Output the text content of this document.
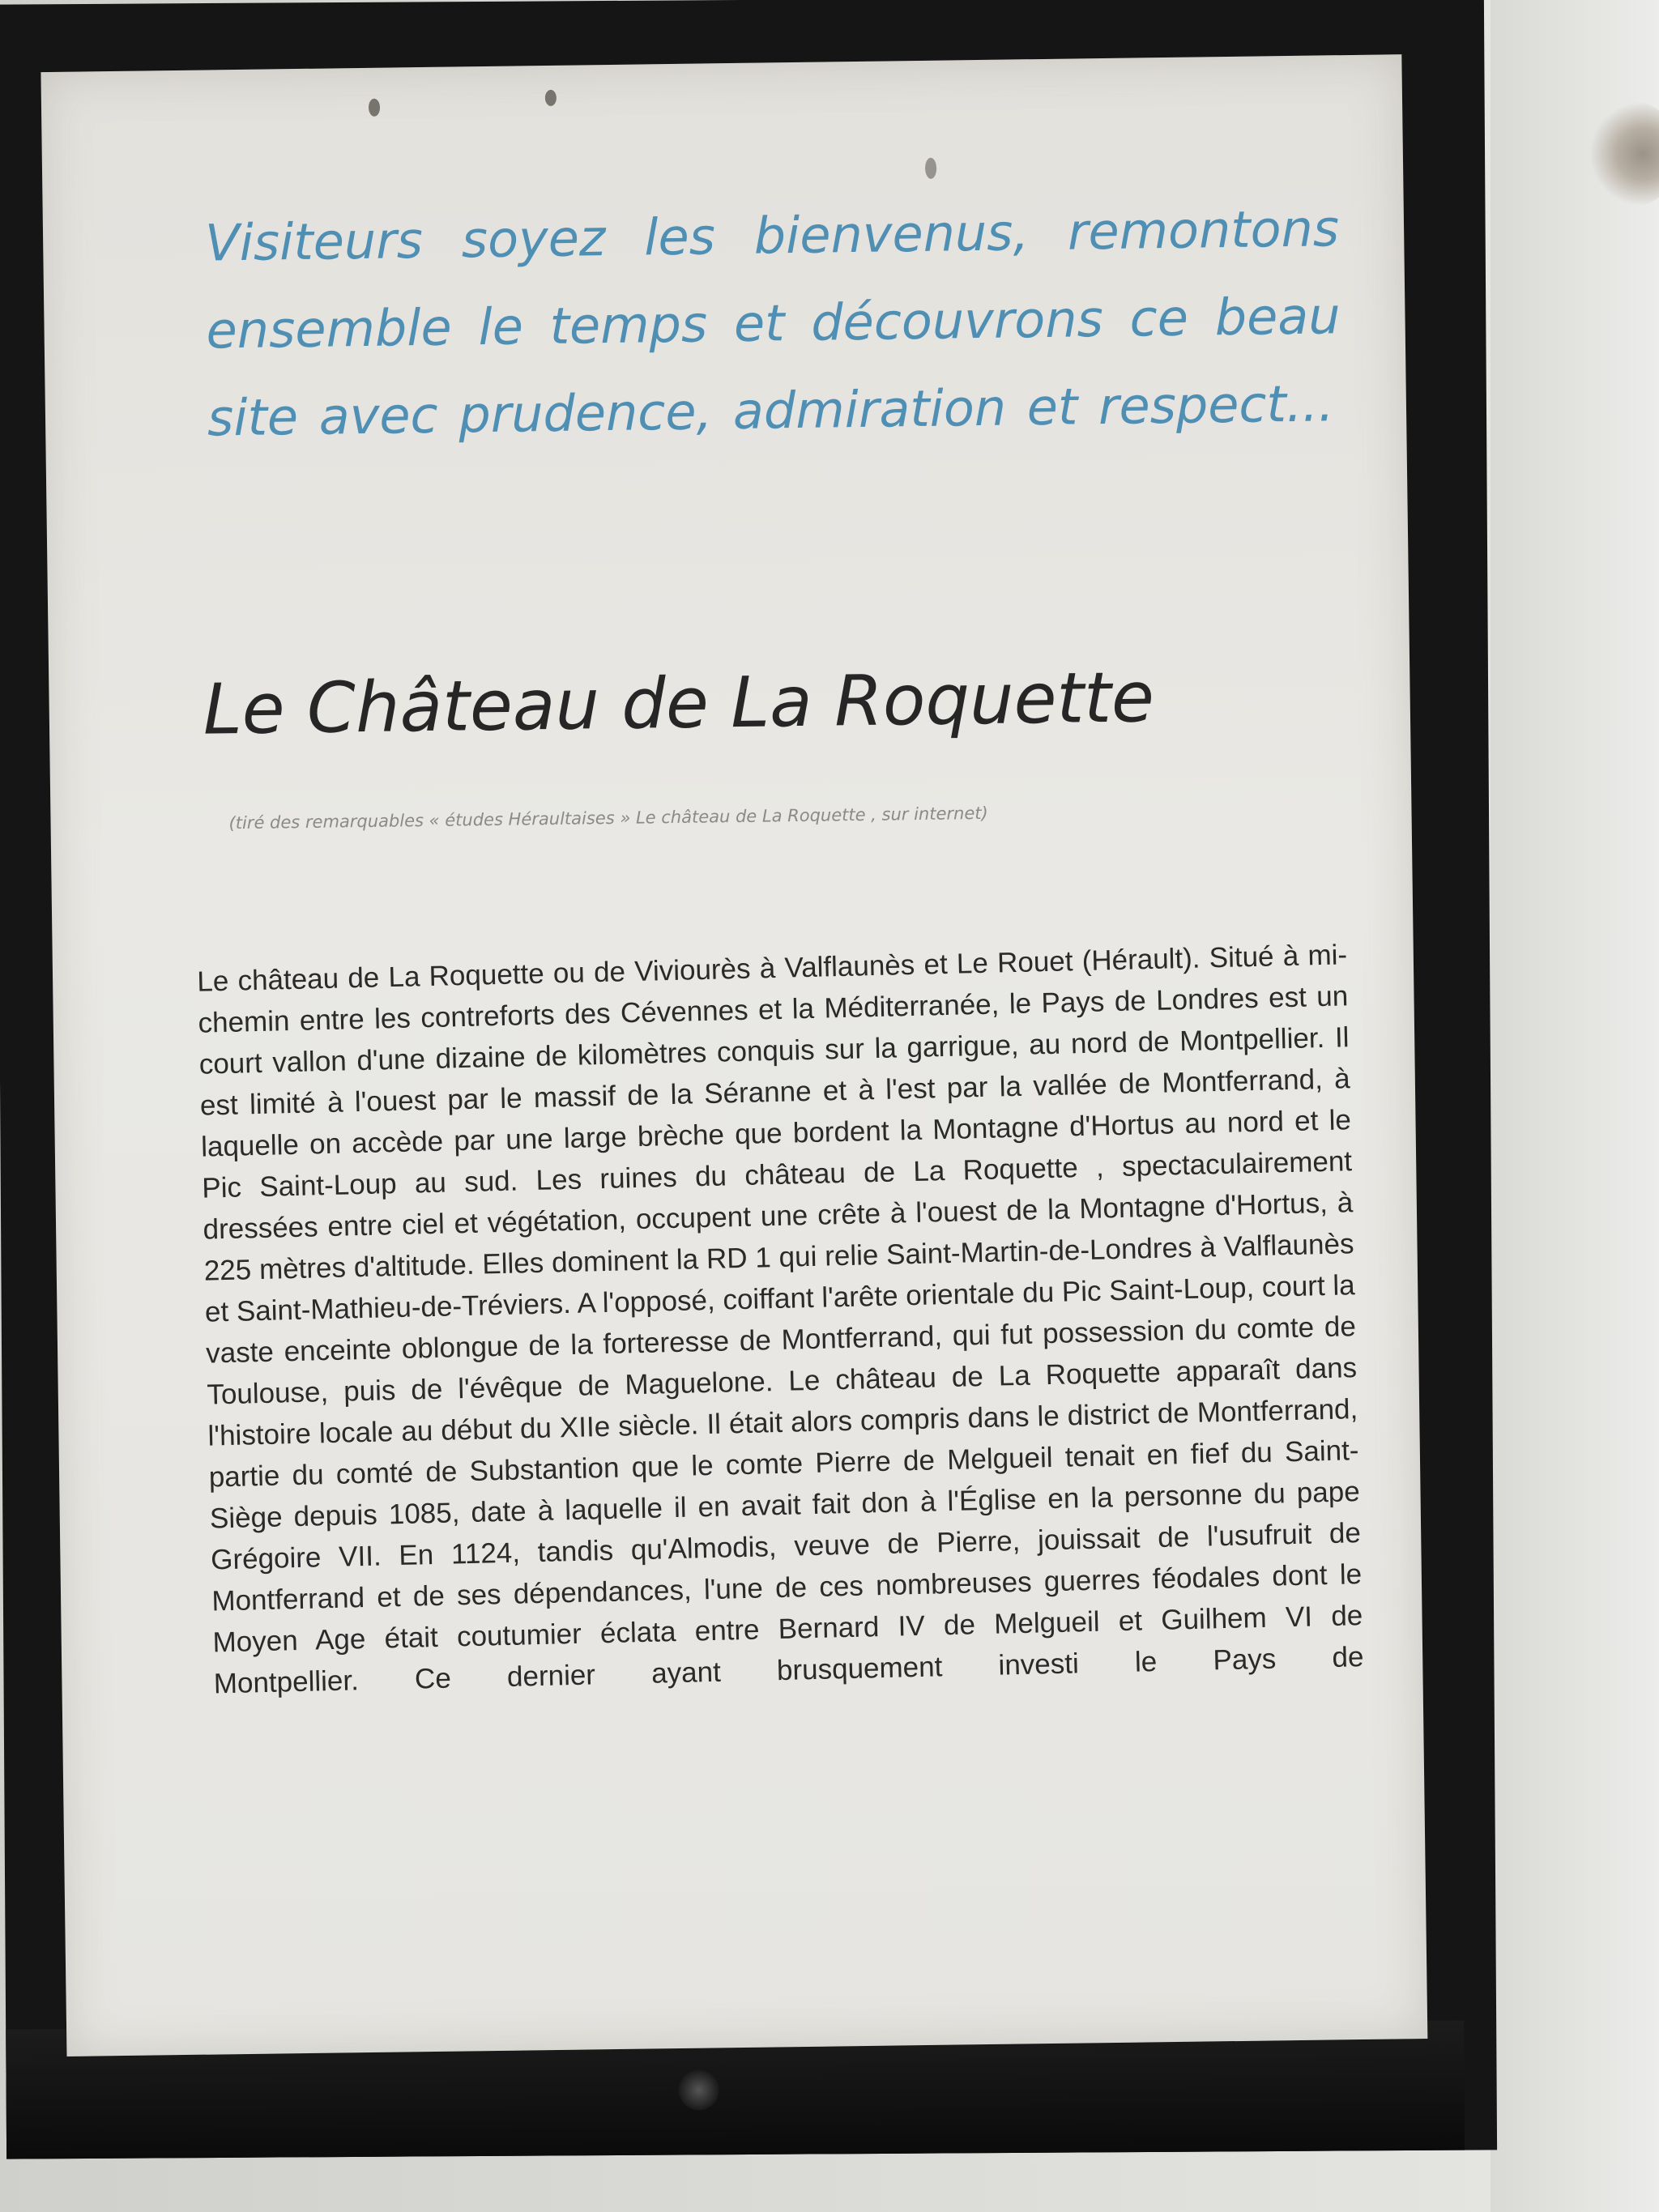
Visiteurs soyez les bienvenus, remontons ensemble le temps et découvrons ce beau site avec prudence, admiration et respect...

Le Château de La Roquette

(tiré des remarquables « études Héraultaises » Le château de La Roquette , sur internet)

Le château de La Roquette ou de Viviourès à Valflaunès et Le Rouet (Hérault). Situé à mi-chemin entre les contreforts des Cévennes et la Méditerranée, le Pays de Londres est un court vallon d'une dizaine de kilomètres conquis sur la garrigue, au nord de Montpellier. Il est limité à l'ouest par le massif de la Séranne et à l'est par la vallée de Montferrand, à laquelle on accède par une large brèche que bordent la Montagne d'Hortus au nord et le Pic Saint-Loup au sud. Les ruines du château de La Roquette , spectaculairement dressées entre ciel et végétation, occupent une crête à l'ouest de la Montagne d'Hortus, à 225 mètres d'altitude. Elles dominent la RD 1 qui relie Saint-Martin-de-Londres à Valflaunès et Saint-Mathieu-de-Tréviers. A l'opposé, coiffant l'arête orientale du Pic Saint-Loup, court la vaste enceinte oblongue de la forteresse de Montferrand, qui fut possession du comte de Toulouse, puis de l'évêque de Maguelone. Le château de La Roquette apparaît dans l'histoire locale au début du XIIe siècle. Il était alors compris dans le district de Montferrand, partie du comté de Substantion que le comte Pierre de Melgueil tenait en fief du Saint-Siège depuis 1085, date à laquelle il en avait fait don à l'Église en la personne du pape Grégoire VII. En 1124, tandis qu'Almodis, veuve de Pierre, jouissait de l'usufruit de Montferrand et de ses dépendances, l'une de ces nombreuses guerres féodales dont le Moyen Age était coutumier éclata entre Bernard IV de Melgueil et Guilhem VI de Montpellier. Ce dernier ayant brusquement investi le Pays de
